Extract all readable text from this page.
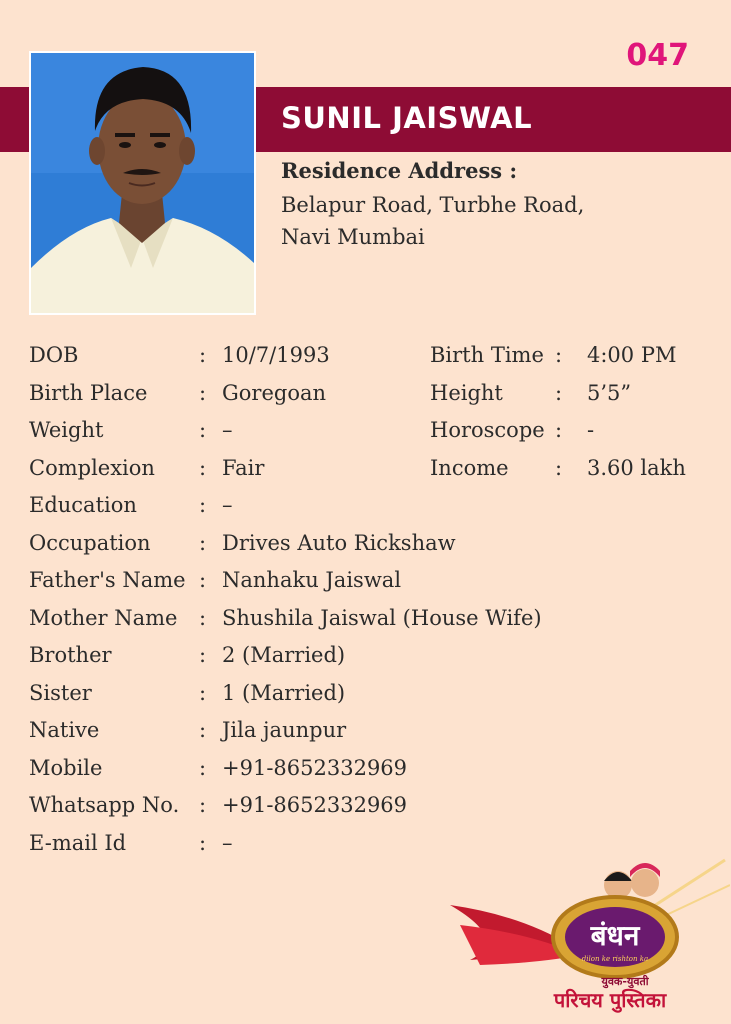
047
SUNIL JAISWAL
Residence Address :
Belapur Road, Turbhe Road,
Navi Mumbai
DOB	: 10/7/1993	Birth Time : 4:00 PM
Birth Place : Goregoan	Height : 5’5”
Weight	: –	Horoscope : -
Complexion : Fair	Income : 3.60 lakh
Education	: –
Occupation : Drives Auto Rickshaw
Father's Name : Nanhaku Jaiswal
Mother Name : Shushila Jaiswal (House Wife)
Brother	: 2 (Married)
Sister	: 1 (Married)
Native	: Jila jaunpur
Mobile	: +91-8652332969
Whatsapp No. : +91-8652332969
E-mail Id	: –
बंधन
dilon ke rishton ka
युवक-युवती
परिचय पुस्तिका
